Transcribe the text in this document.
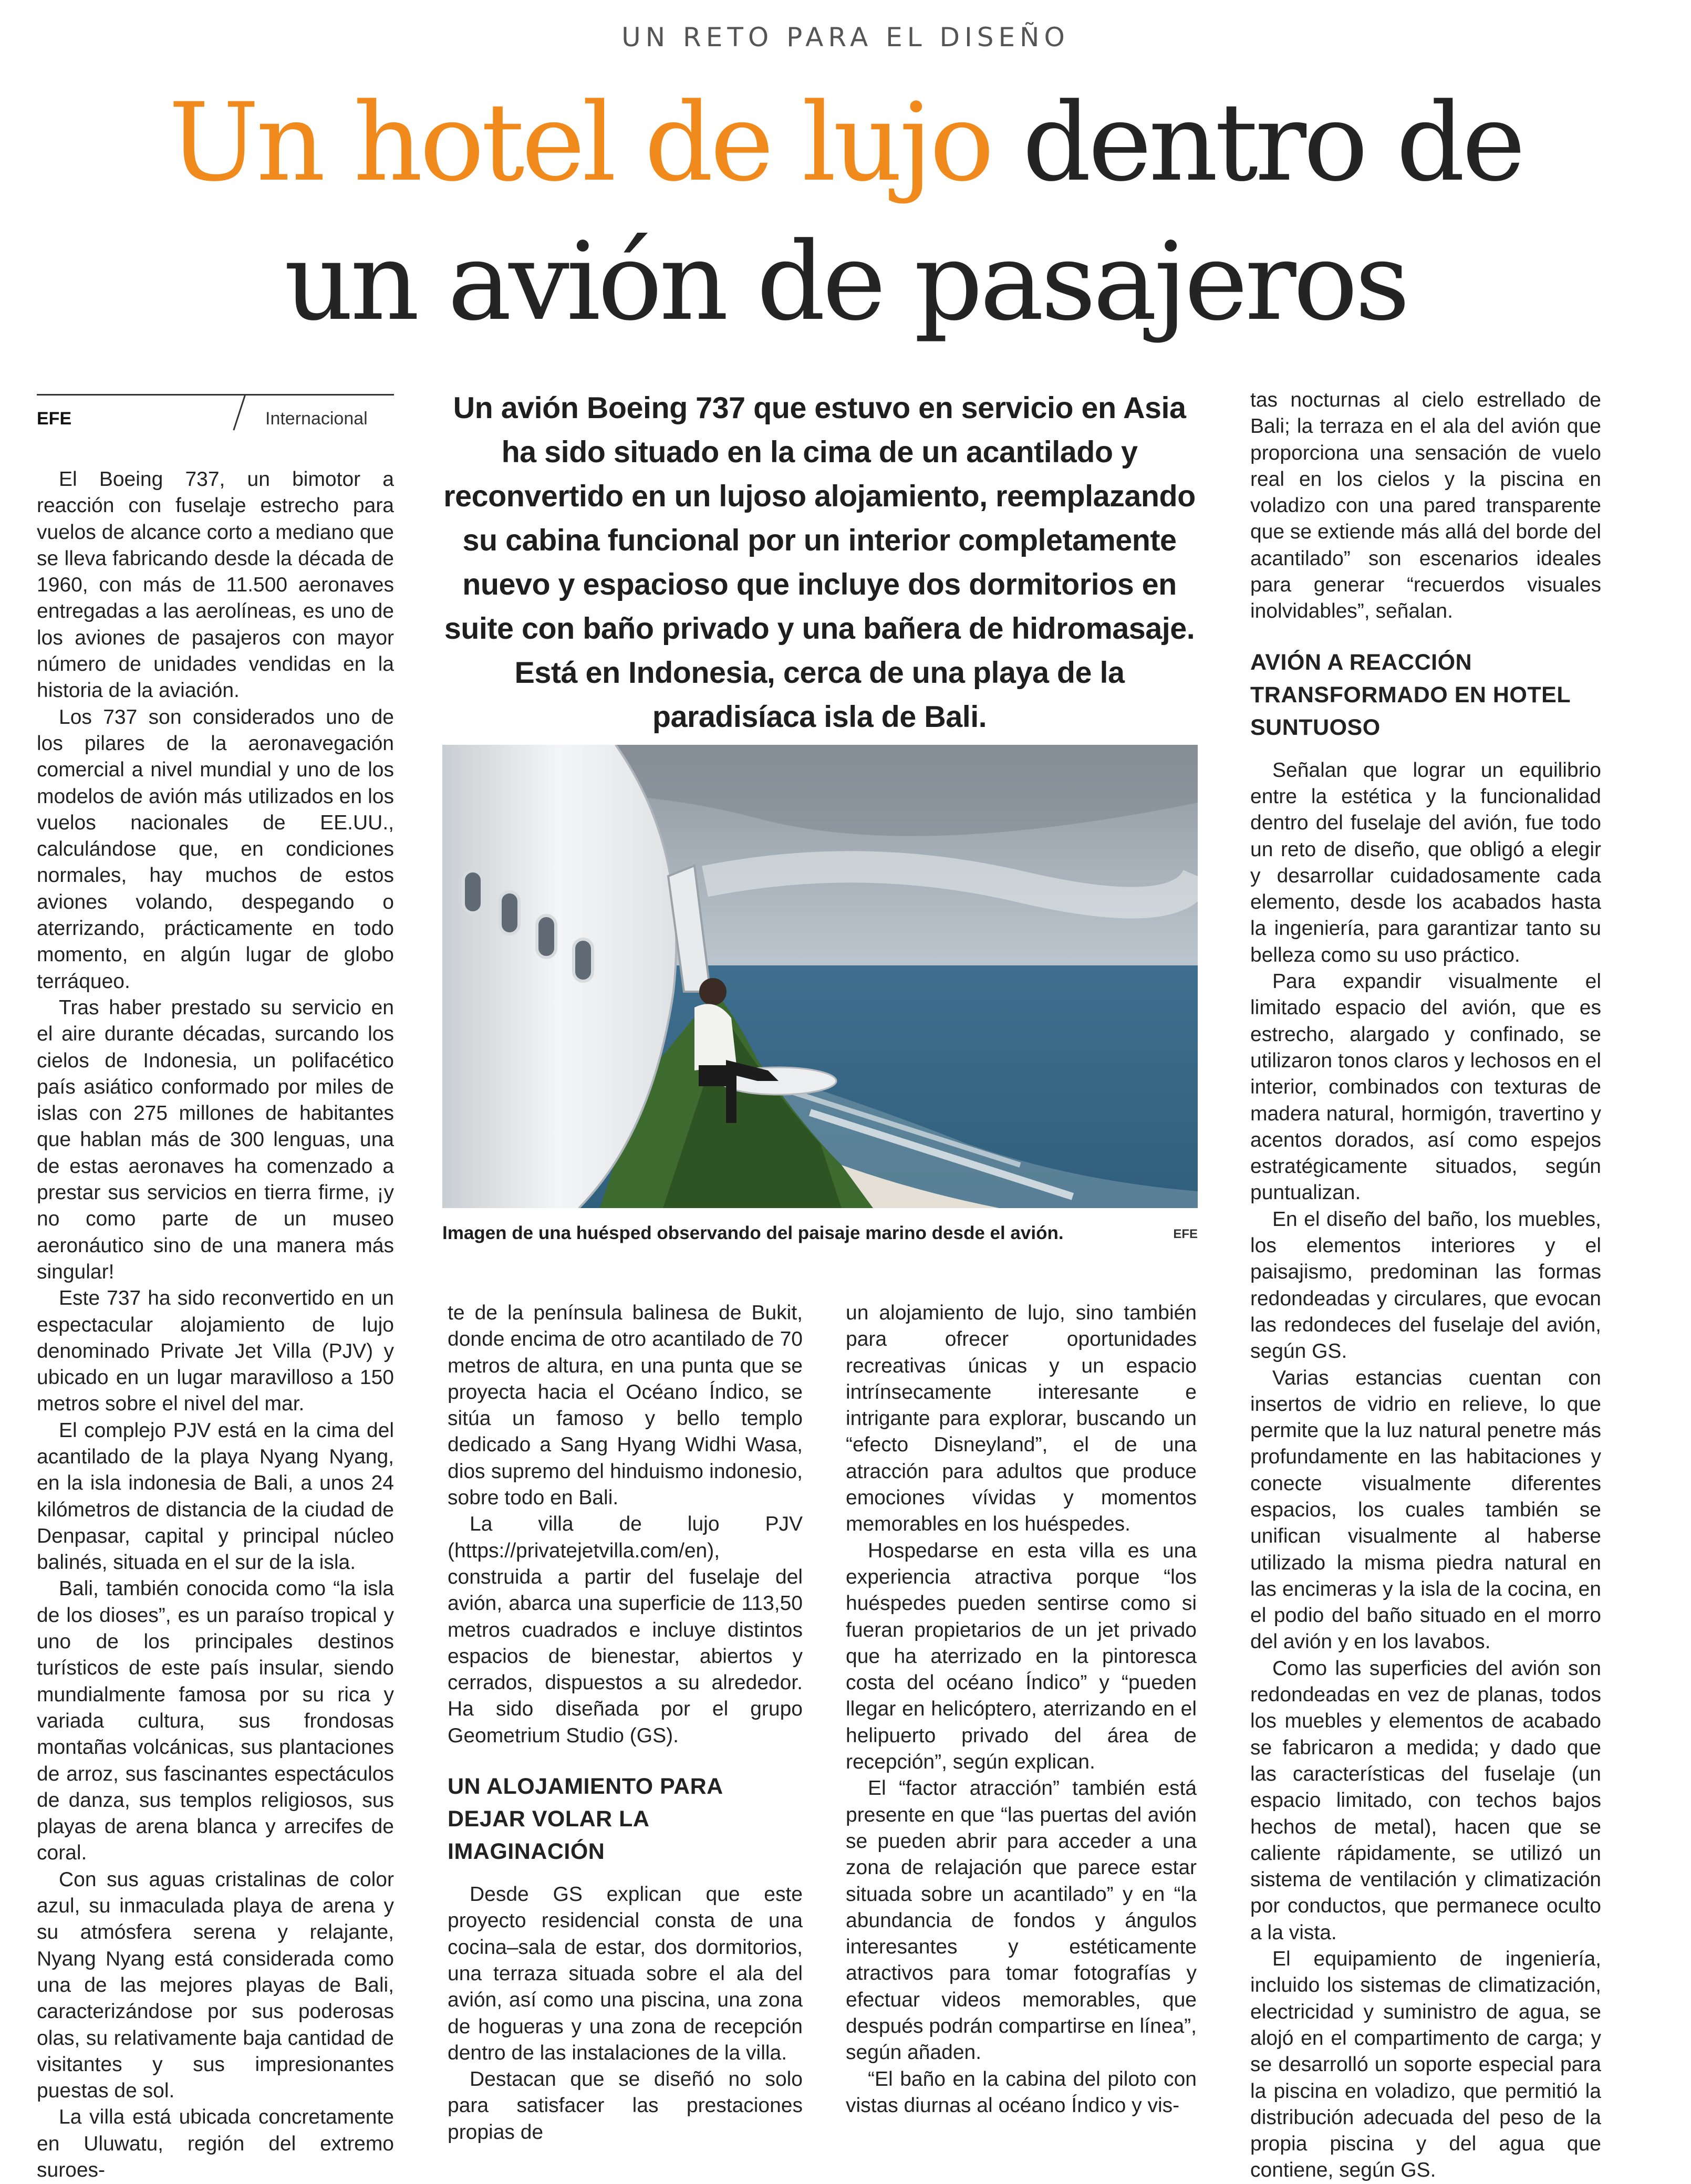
UN RETO PARA EL DISEÑO
Un hotel de lujo dentro de
un avión de pasajeros
EFE	Internacional	Un avión Boeing 737 que estuvo en servicio en Asia ha sido situado en la cima de un acantilado y reconvertido en un lujoso alojamiento, reemplazando su cabina funcional por un interior completamente nuevo y espacioso que incluye dos dormitorios en suite con baño privado y una bañera de hidromasaje. Está en Indonesia, cerca de una playa de la paradisíaca isla de Bali.

Imagen de una huésped observando del paisaje marino desde el avión.	EFE

El Boeing 737, un bimotor a reacción con fuselaje estrecho para vuelos de alcance corto a mediano que se lleva fabricando desde la década de 1960, con más de 11.500 aeronaves entregadas a las aerolíneas, es uno de los aviones de pasajeros con mayor número de unidades vendidas en la historia de la aviación.

Los 737 son considerados uno de los pilares de la aeronavegación comercial a nivel mundial y uno de los modelos de avión más utilizados en los vuelos nacionales de EE.UU., calculándose que, en condiciones normales, hay muchos de estos aviones volando, despegando o aterrizando, prácticamente en todo momento, en algún lugar de globo terráqueo.

Tras haber prestado su servicio en el aire durante décadas, surcando los cielos de Indonesia, un polifacético país asiático conformado por miles de islas con 275 millones de habitantes que hablan más de 300 lenguas, una de estas aeronaves ha comenzado a prestar sus servicios en tierra firme, ¡y no como parte de un museo aeronáutico sino de una manera más singular!

Este 737 ha sido reconvertido en un espectacular alojamiento de lujo denominado Private Jet Villa (PJV) y ubicado en un lugar maravilloso a 150 metros sobre el nivel del mar.

El complejo PJV está en la cima del acantilado de la playa Nyang Nyang, en la isla indonesia de Bali, a unos 24 kilómetros de distancia de la ciudad de Denpasar, capital y principal núcleo balinés, situada en el sur de la isla.

Bali, también conocida como “la isla de los dioses”, es un paraíso tropical y uno de los principales destinos turísticos de este país insular, siendo mundialmente famosa por su rica y variada cultura, sus frondosas montañas volcánicas, sus plantaciones de arroz, sus fascinantes espectáculos de danza, sus templos religiosos, sus playas de arena blanca y arrecifes de coral.

Con sus aguas cristalinas de color azul, su inmaculada playa de arena y su atmósfera serena y relajante, Nyang Nyang está considerada como una de las mejores playas de Bali, caracterizándose por sus poderosas olas, su relativamente baja cantidad de visitantes y sus impresionantes puestas de sol.

La villa está ubicada concretamente en Uluwatu, región del extremo suroes-

te de la península balinesa de Bukit, donde encima de otro acantilado de 70 metros de altura, en una punta que se proyecta hacia el Océano Índico, se sitúa un famoso y bello templo dedicado a Sang Hyang Widhi Wasa, dios supremo del hinduismo indonesio, sobre todo en Bali.

La villa de lujo PJV (https://privatejetvilla.com/en), construida a partir del fuselaje del avión, abarca una superficie de 113,50 metros cuadrados e incluye distintos espacios de bienestar, abiertos y cerrados, dispuestos a su alrededor. Ha sido diseñada por el grupo Geometrium Studio (GS).

UN ALOJAMIENTO PARA DEJAR VOLAR LA IMAGINACIÓN

Desde GS explican que este proyecto residencial consta de una cocina–sala de estar, dos dormitorios, una terraza situada sobre el ala del avión, así como una piscina, una zona de hogueras y una zona de recepción dentro de las instalaciones de la villa.

Destacan que se diseñó no solo para satisfacer las prestaciones propias de

un alojamiento de lujo, sino también para ofrecer oportunidades recreativas únicas y un espacio intrínsecamente interesante e intrigante para explorar, buscando un “efecto Disneyland”, el de una atracción para adultos que produce emociones vívidas y momentos memorables en los huéspedes.

Hospedarse en esta villa es una experiencia atractiva porque “los huéspedes pueden sentirse como si fueran propietarios de un jet privado que ha aterrizado en la pintoresca costa del océano Índico” y “pueden llegar en helicóptero, aterrizando en el helipuerto privado del área de recepción”, según explican.

El “factor atracción” también está presente en que “las puertas del avión se pueden abrir para acceder a una zona de relajación que parece estar situada sobre un acantilado” y en “la abundancia de fondos y ángulos interesantes y estéticamente atractivos para tomar fotografías y efectuar videos memorables, que después podrán compartirse en línea”, según añaden.

“El baño en la cabina del piloto con vistas diurnas al océano Índico y vis-

tas nocturnas al cielo estrellado de Bali; la terraza en el ala del avión que proporciona una sensación de vuelo real en los cielos y la piscina en voladizo con una pared transparente que se extiende más allá del borde del acantilado” son escenarios ideales para generar “recuerdos visuales inolvidables”, señalan.

AVIÓN A REACCIÓN TRANSFORMADO EN HOTEL SUNTUOSO

Señalan que lograr un equilibrio entre la estética y la funcionalidad dentro del fuselaje del avión, fue todo un reto de diseño, que obligó a elegir y desarrollar cuidadosamente cada elemento, desde los acabados hasta la ingeniería, para garantizar tanto su belleza como su uso práctico.

Para expandir visualmente el limitado espacio del avión, que es estrecho, alargado y confinado, se utilizaron tonos claros y lechosos en el interior, combinados con texturas de madera natural, hormigón, travertino y acentos dorados, así como espejos estratégicamente situados, según puntualizan.

En el diseño del baño, los muebles, los elementos interiores y el paisajismo, predominan las formas redondeadas y circulares, que evocan las redondeces del fuselaje del avión, según GS.

Varias estancias cuentan con insertos de vidrio en relieve, lo que permite que la luz natural penetre más profundamente en las habitaciones y conecte visualmente diferentes espacios, los cuales también se unifican visualmente al haberse utilizado la misma piedra natural en las encimeras y la isla de la cocina, en el podio del baño situado en el morro del avión y en los lavabos.

Como las superficies del avión son redondeadas en vez de planas, todos los muebles y elementos de acabado se fabricaron a medida; y dado que las características del fuselaje (un espacio limitado, con techos bajos hechos de metal), hacen que se caliente rápidamente, se utilizó un sistema de ventilación y climatización por conductos, que permanece oculto a la vista.

El equipamiento de ingeniería, incluido los sistemas de climatización, electricidad y suministro de agua, se alojó en el compartimento de carga; y se desarrolló un soporte especial para la piscina en voladizo, que permitió la distribución adecuada del peso de la propia piscina y del agua que contiene, según GS.
